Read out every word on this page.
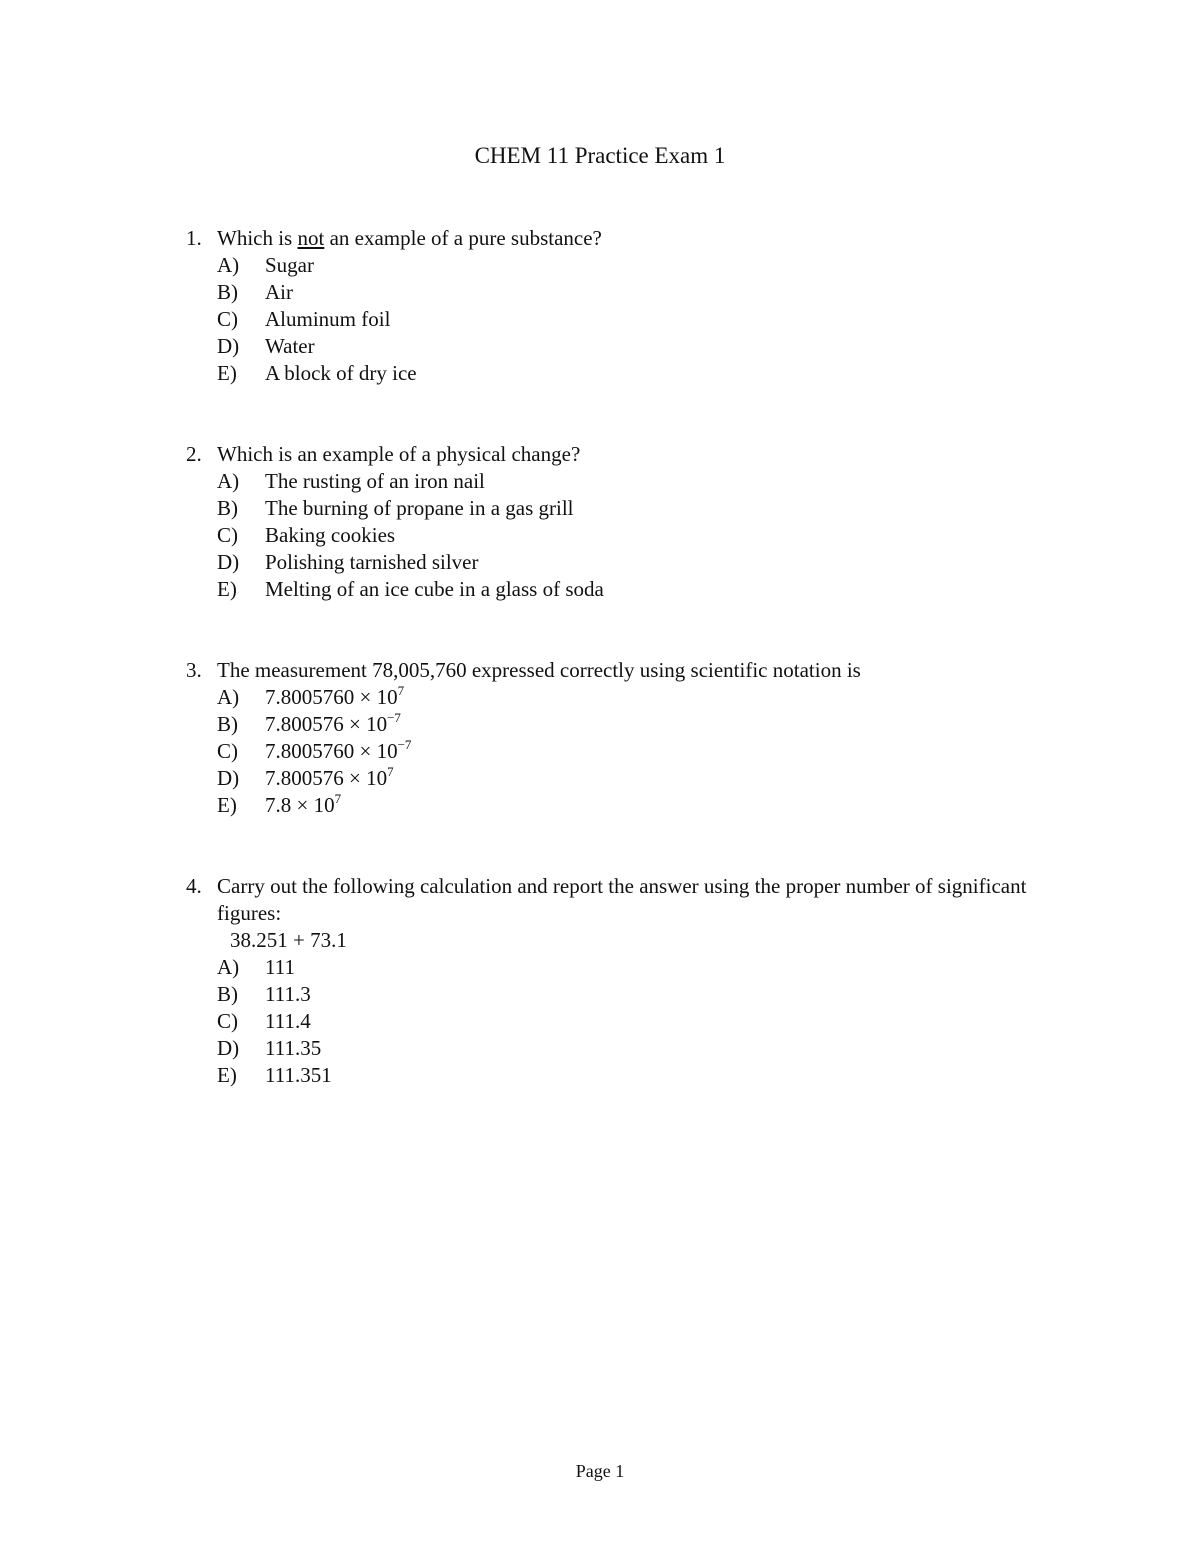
CHEM 11 Practice Exam 1
1. Which is not an example of a pure substance?
A)	Sugar
B)	Air
C)	Aluminum foil
D)	Water
E)	A block of dry ice
2. Which is an example of a physical change?
A)	The rusting of an iron nail
B)	The burning of propane in a gas grill
C)	Baking cookies
D)	Polishing tarnished silver
E)	Melting of an ice cube in a glass of soda
3. The measurement 78,005,760 expressed correctly using scientific notation is
A)	$7.8005760 \times 10^7$
B)	$7.800576 \times 10^{-7}$
C)	$7.8005760 \times 10^{-7}$
D)	$7.800576 \times 10^7$
E)	$7.8 \times 10^7$
4. Carry out the following calculation and report the answer using the proper number of significant figures:
38.251 + 73.1
A)	111
B)	111.3
C)	111.4
D)	111.35
E)	111.351
Page 1
